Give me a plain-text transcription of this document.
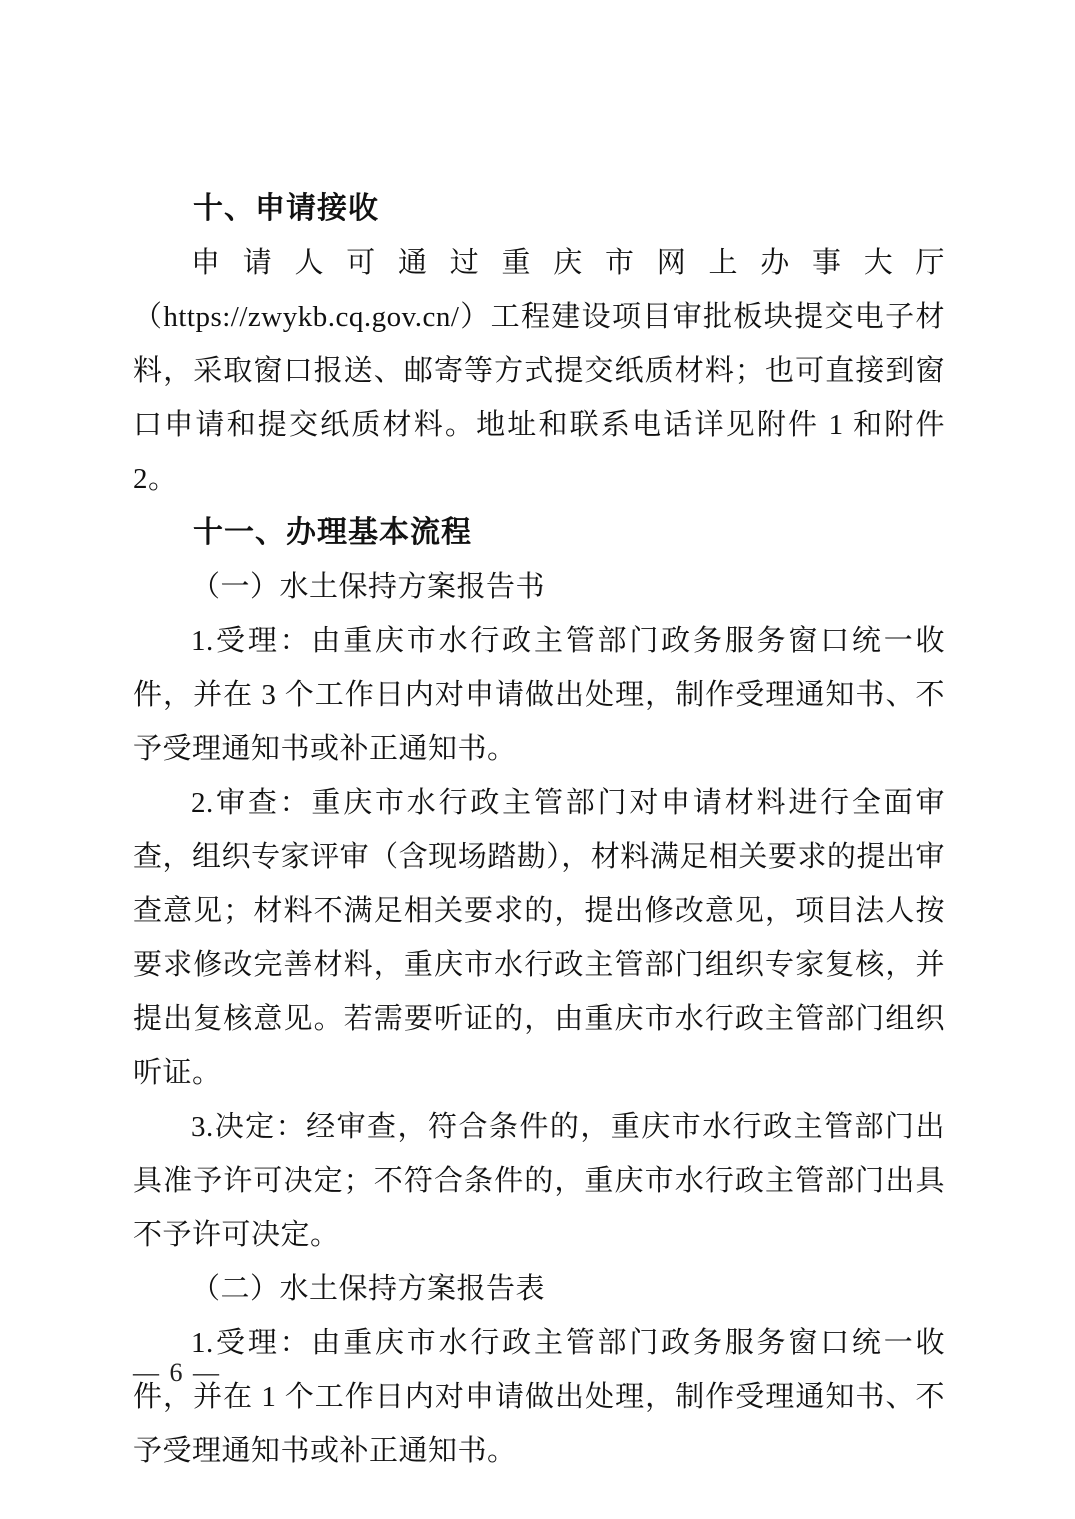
十、申请接收
申请人可通过重庆市网上办事大厅（https://zwykb.cq.gov.cn/）工程建设项目审批板块提交电子材料，采取窗口报送、邮寄等方式提交纸质材料；也可直接到窗口申请和提交纸质材料。地址和联系电话详见附件 1 和附件 2。
十一、办理基本流程
（一）水土保持方案报告书
1.受理：由重庆市水行政主管部门政务服务窗口统一收件，并在 3 个工作日内对申请做出处理，制作受理通知书、不予受理通知书或补正通知书。
2.审查：重庆市水行政主管部门对申请材料进行全面审查，组织专家评审（含现场踏勘），材料满足相关要求的提出审查意见；材料不满足相关要求的，提出修改意见，项目法人按要求修改完善材料，重庆市水行政主管部门组织专家复核，并提出复核意见。若需要听证的，由重庆市水行政主管部门组织听证。
3.决定：经审查，符合条件的，重庆市水行政主管部门出具准予许可决定；不符合条件的，重庆市水行政主管部门出具不予许可决定。
（二）水土保持方案报告表
1.受理：由重庆市水行政主管部门政务服务窗口统一收件，并在 1 个工作日内对申请做出处理，制作受理通知书、不予受理通知书或补正通知书。
— 6 —
